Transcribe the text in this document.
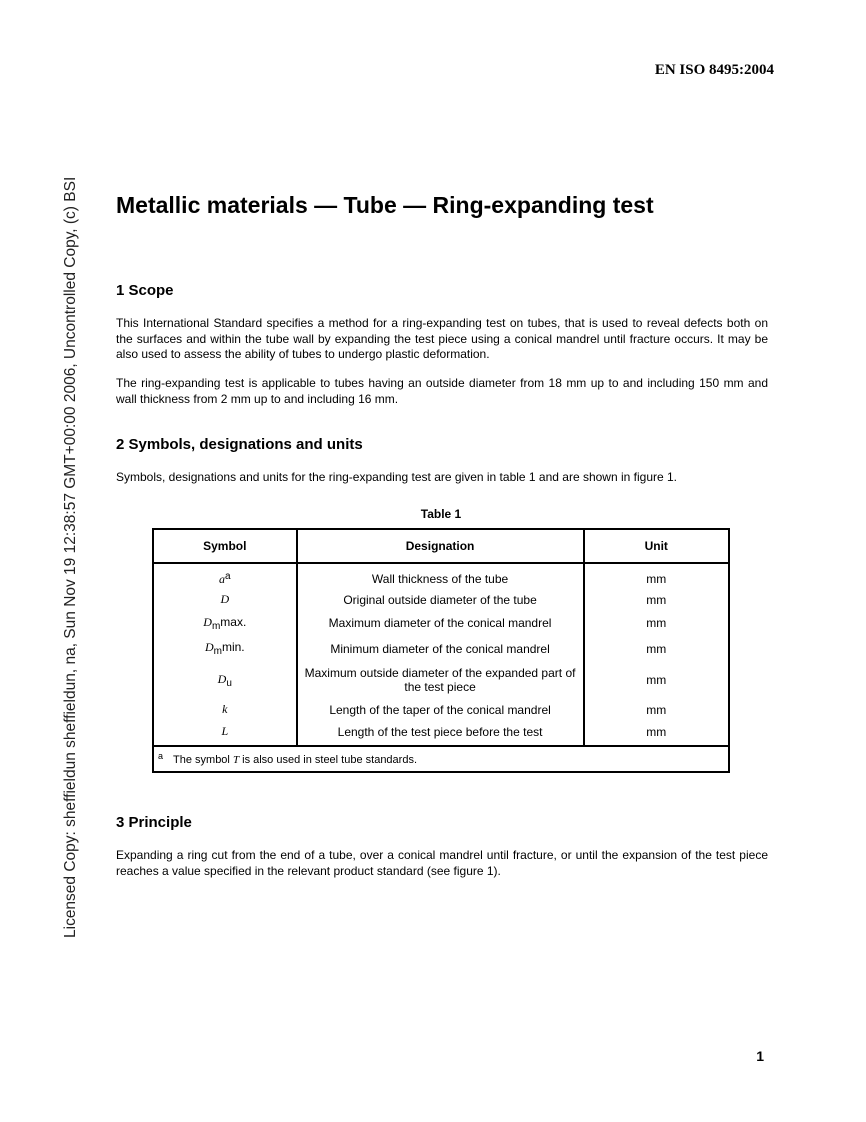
EN ISO 8495:2004
Licensed Copy: sheffieldun sheffieldun, na, Sun Nov 19 12:38:57 GMT+00:00 2006, Uncontrolled Copy, (c) BSI Metallic materials — Tube — Ring-expanding test
1 Scope

This International Standard specifies a method for a ring-expanding test on tubes, that is used to reveal defects both on the surfaces and within the tube wall by expanding the test piece using a conical mandrel until fracture occurs. It may be also used to assess the ability of tubes to undergo plastic deformation.

The ring-expanding test is applicable to tubes having an outside diameter from 18 mm up to and including 150 mm and wall thickness from 2 mm up to and including 16 mm.

2 Symbols, designations and units

Symbols, designations and units for the ring-expanding test are given in table 1 and are shown in figure 1.

Table 1
Symbol	Designation	Unit
$a^a$	Wall thickness of the tube	mm
D	Original outside diameter of the tube	mm
$D_m\max$.	Maximum diameter of the conical mandrel	mm
$D_m\min$.	Minimum diameter of the conical mandrel	mm
$D_u$	Maximum outside diameter of the expanded part of the test piece	mm
k	Length of the taper of the conical mandrel	mm
L	Length of the test piece before the test	mm
$^a$ The symbol T is also used in steel tube standards.		
3 Principle

Expanding a ring cut from the end of a tube, over a conical mandrel until fracture, or until the expansion of the test piece reaches a value specified in the relevant product standard (see figure 1).

1
